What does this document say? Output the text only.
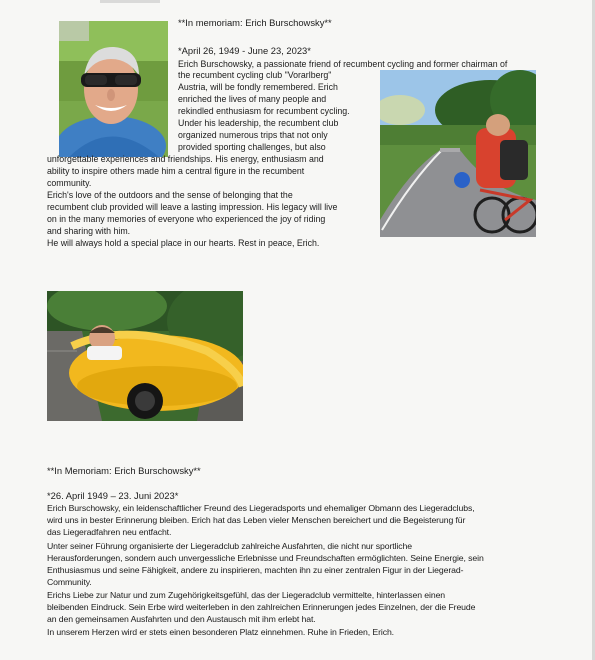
**In memoriam: Erich Burschowsky**
*April 26, 1949 - June 23, 2023*
Erich Burschowsky, a passionate friend of recumbent cycling and former chairman of
the recumbent cycling club "Vorarlberg"
Austria, will be fondly remembered. Erich
enriched the lives of many people and
rekindled enthusiasm for recumbent cycling.
Under his leadership, the recumbent club
organized numerous trips that not only
provided sporting challenges, but also
unforgettable experiences and friendships. His energy, enthusiasm and
ability to inspire others made him a central figure in the recumbent
community.
Erich's love of the outdoors and the sense of belonging that the
recumbent club provided will leave a lasting impression. His legacy will live
on in the many memories of everyone who experienced the joy of riding
and sharing with him.
He will always hold a special place in our hearts. Rest in peace, Erich.
**In Memoriam: Erich Burschowsky**
*26. April 1949 – 23. Juni 2023*
Erich Burschowsky, ein leidenschaftlicher Freund des Liegeradsports und ehemaliger Obmann des Liegeradclubs,
wird uns in bester Erinnerung bleiben. Erich hat das Leben vieler Menschen bereichert und die Begeisterung für
das Liegeradfahren neu entfacht.
Unter seiner Führung organisierte der Liegeradclub zahlreiche Ausfahrten, die nicht nur sportliche
Herausforderungen, sondern auch unvergessliche Erlebnisse und Freundschaften ermöglichten. Seine Energie, sein
Enthusiasmus und seine Fähigkeit, andere zu inspirieren, machten ihn zu einer zentralen Figur in der Liegerad-
Community.
Erichs Liebe zur Natur und zum Zugehörigkeitsgefühl, das der Liegeradclub vermittelte, hinterlassen einen
bleibenden Eindruck. Sein Erbe wird weiterleben in den zahlreichen Erinnerungen jedes Einzelnen, der die Freude
an den gemeinsamen Ausfahrten und den Austausch mit ihm erlebt hat.
In unserem Herzen wird er stets einen besonderen Platz einnehmen. Ruhe in Frieden, Erich.
